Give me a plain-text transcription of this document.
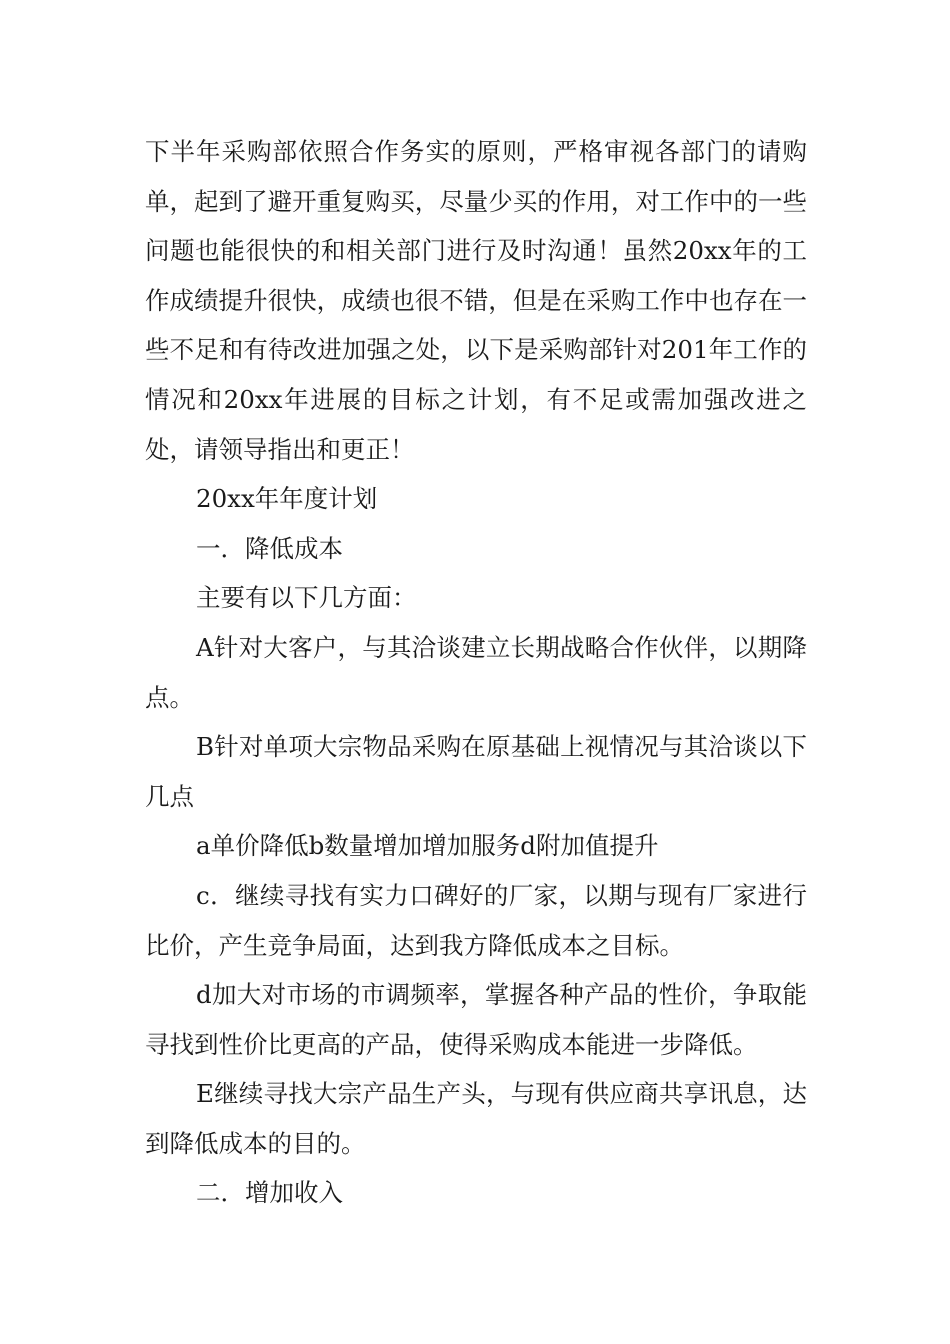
下半年采购部依照合作务实的原则，严格审视各部门的请购单，起到了避开重复购买，尽量少买的作用，对工作中的一些问题也能很快的和相关部门进行及时沟通！虽然20xx年的工作成绩提升很快，成绩也很不错，但是在采购工作中也存在一些不足和有待改进加强之处，以下是采购部针对201年工作的情况和20xx年进展的目标之计划，有不足或需加强改进之处，请领导指出和更正！

20xx年年度计划

一．降低成本

主要有以下几方面：

A针对大客户，与其洽谈建立长期战略合作伙伴，以期降点。

B针对单项大宗物品采购在原基础上视情况与其洽谈以下几点

a单价降低b数量增加增加服务d附加值提升

c．继续寻找有实力口碑好的厂家，以期与现有厂家进行比价，产生竞争局面，达到我方降低成本之目标。

d加大对市场的市调频率，掌握各种产品的性价，争取能寻找到性价比更高的产品，使得采购成本能进一步降低。

E继续寻找大宗产品生产头，与现有供应商共享讯息，达到降低成本的目的。

二．增加收入
